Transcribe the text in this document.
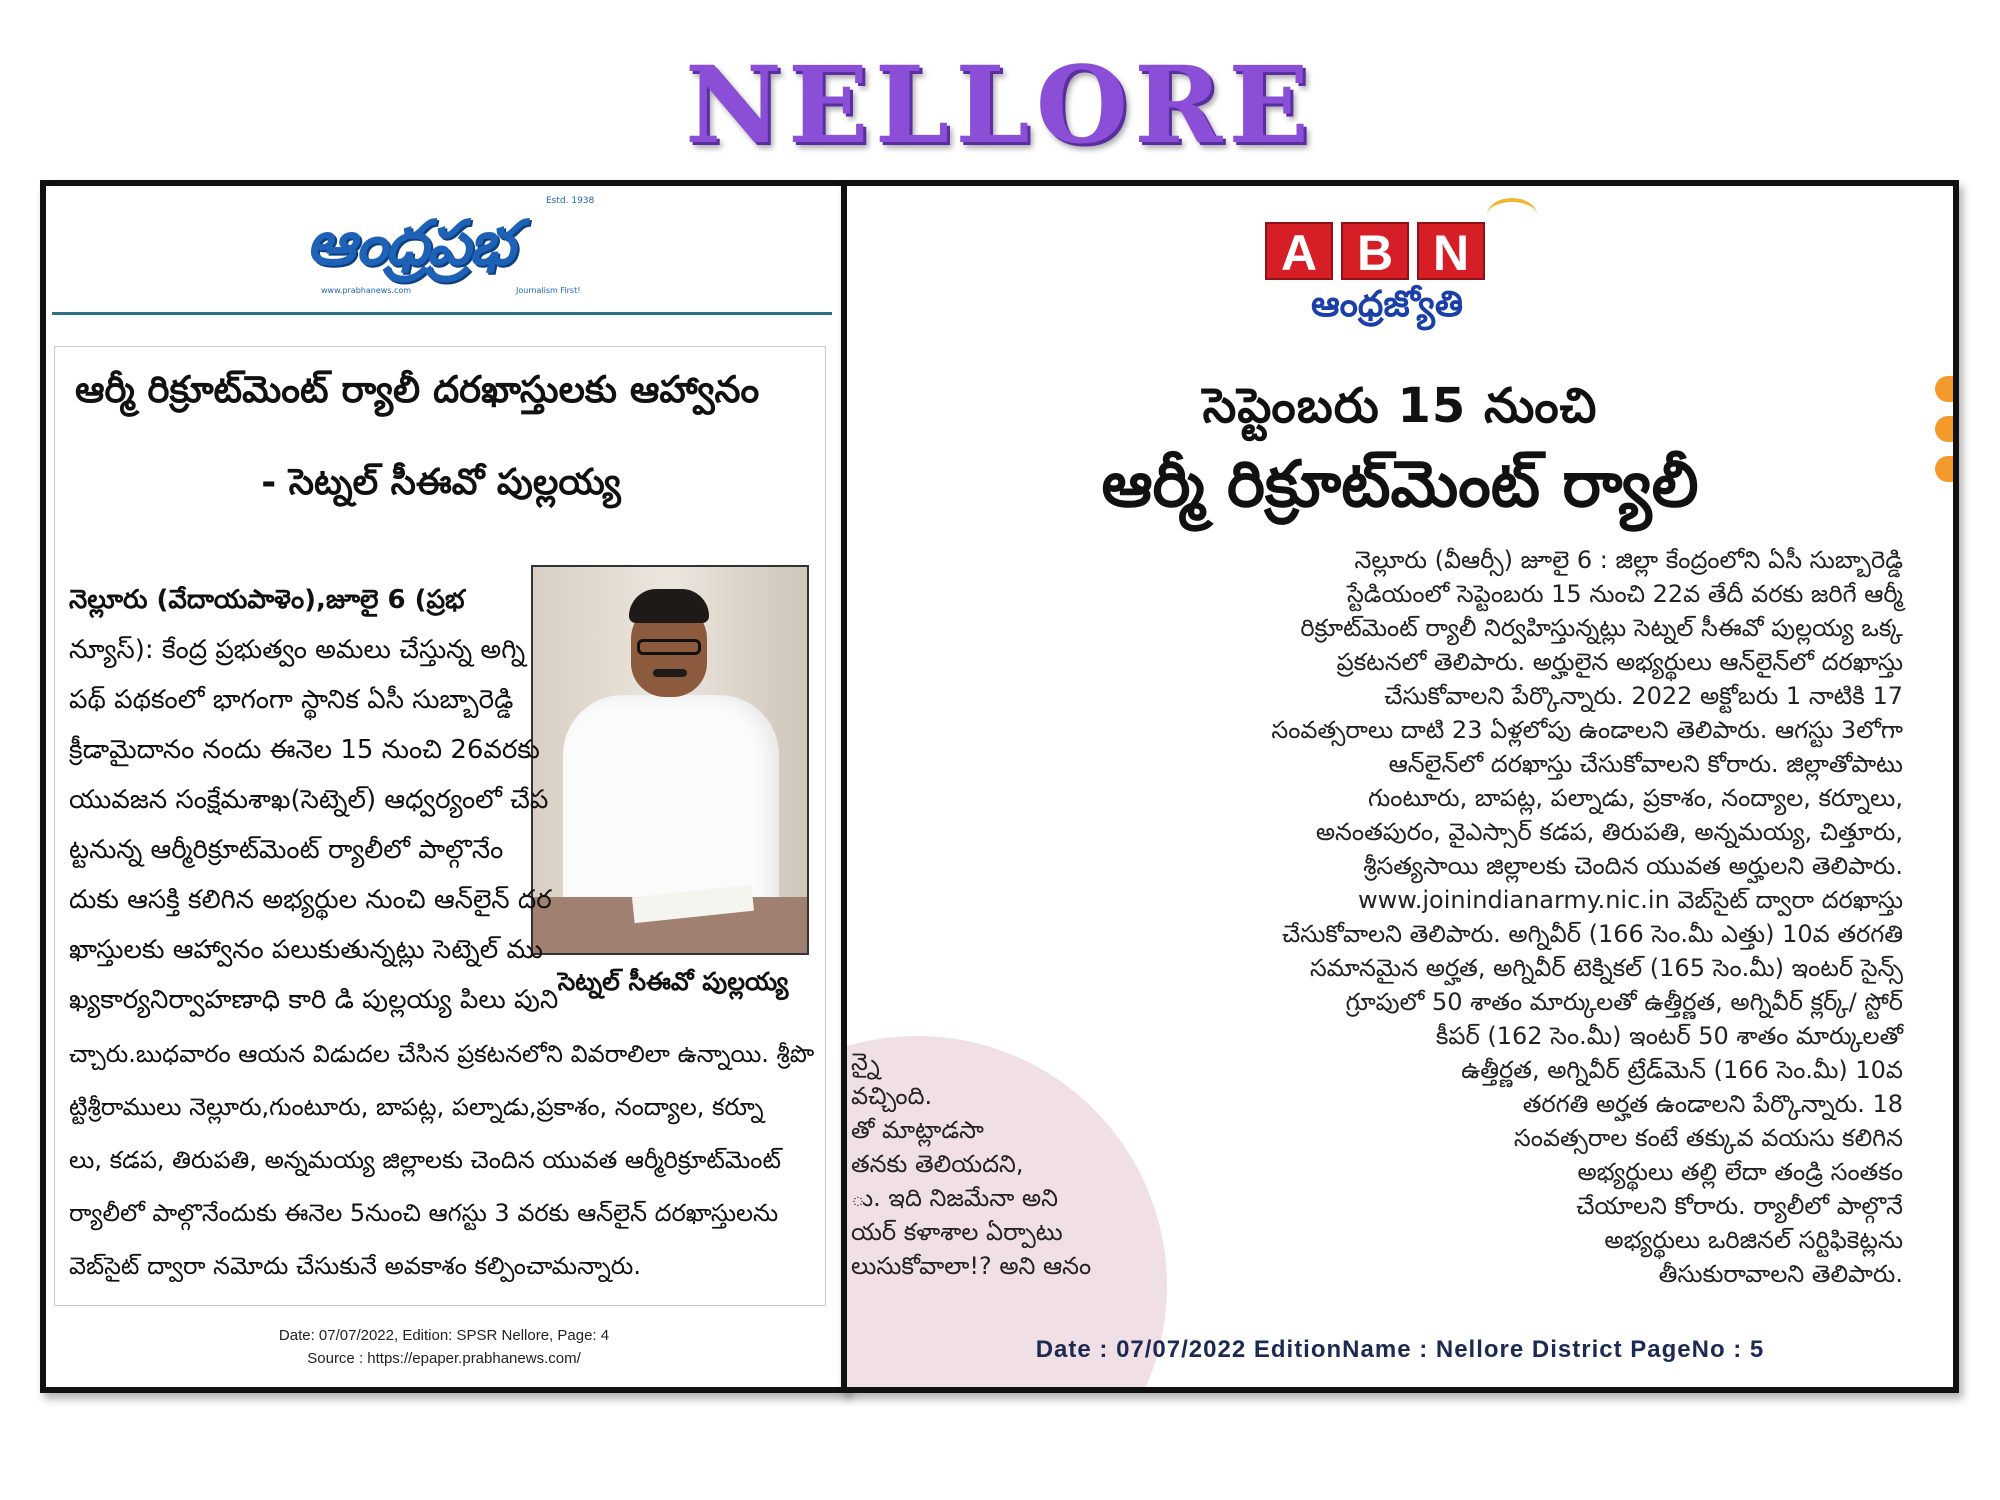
NELLORE
ఆంధ్రప్రభ
Estd. 1938
www.prabhanews.com	Journalism First!
ఆర్మీ రిక్రూట్‌మెంట్ ర్యాలీ దరఖాస్తులకు ఆహ్వానం
- సెట్నల్ సీఈవో పుల్లయ్య
సెట్నల్ సీఈవో పుల్లయ్య
నెల్లూరు (వేదాయపాళెం),జూలై 6 (ప్రభ
న్యూస్): కేంద్ర ప్రభుత్వం అమలు చేస్తున్న అగ్ని
పథ్ పథకంలో భాగంగా స్థానిక ఏసీ సుబ్బారెడ్డి
క్రీడామైదానం నందు ఈనెల 15 నుంచి 26వరకు
యువజన సంక్షేమశాఖ(సెట్నెల్) ఆధ్వర్యంలో చేప
ట్టనున్న ఆర్మీరిక్రూట్‌మెంట్ ర్యాలీలో పాల్గొనేం
దుకు ఆసక్తి కలిగిన అభ్యర్థుల నుంచి ఆన్‌లైన్ దర
ఖాస్తులకు ఆహ్వానం పలుకుతున్నట్లు సెట్నెల్ ము
ఖ్యకార్యనిర్వాహణాధి కారి డి పుల్లయ్య పిలు పుని
చ్చారు.బుధవారం ఆయన విడుదల చేసిన ప్రకటనలోని వివరాలిలా ఉన్నాయి. శ్రీపొ
ట్టిశ్రీరాములు నెల్లూరు,గుంటూరు, బాపట్ల, పల్నాడు,ప్రకాశం, నంద్యాల, కర్నూ
లు, కడప, తిరుపతి, అన్నమయ్య జిల్లాలకు చెందిన యువత ఆర్మీరిక్రూట్‌మెంట్
ర్యాలీలో పాల్గొనేందుకు ఈనెల 5నుంచి ఆగస్టు 3 వరకు ఆన్‌లైన్ దరఖాస్తులను
వెబ్‌సైట్ ద్వారా నమోదు చేసుకునే అవకాశం కల్పించామన్నారు.
Date: 07/07/2022, Edition: SPSR Nellore, Page: 4
Source : https://epaper.prabhanews.com/
A B N
ఆంధ్రజ్యోతి
సెప్టెంబరు 15 నుంచి
ఆర్మీ రిక్రూట్‌మెంట్ ర్యాలీ
నెల్లూరు (వీఆర్సీ) జూలై 6 : జిల్లా కేంద్రంలోని ఏసీ సుబ్బారెడ్డి
స్టేడియంలో సెప్టెంబరు 15 నుంచి 22వ తేదీ వరకు జరిగే ఆర్మీ
రిక్రూట్‌మెంట్ ర్యాలీ నిర్వహిస్తున్నట్లు సెట్నల్ సీఈవో పుల్లయ్య ఒక్క
ప్రకటనలో తెలిపారు. అర్హులైన అభ్యర్థులు ఆన్‌లైన్‌లో దరఖాస్తు
చేసుకోవాలని పేర్కొన్నారు. 2022 అక్టోబరు 1 నాటికి 17
సంవత్సరాలు దాటి 23 ఏళ్లలోపు ఉండాలని తెలిపారు. ఆగస్టు 3లోగా
ఆన్‌లైన్‌లో దరఖాస్తు చేసుకోవాలని కోరారు. జిల్లాతోపాటు
గుంటూరు, బాపట్ల, పల్నాడు, ప్రకాశం, నంద్యాల, కర్నూలు,
అనంతపురం, వైఎస్సార్ కడప, తిరుపతి, అన్నమయ్య, చిత్తూరు,
శ్రీసత్యసాయి జిల్లాలకు చెందిన యువత అర్హులని తెలిపారు.
www.joinindianarmy.nic.in వెబ్‌సైట్ ద్వారా దరఖాస్తు
చేసుకోవాలని తెలిపారు. అగ్నివీర్ (166 సెం.మీ ఎత్తు) 10వ తరగతి
సమానమైన అర్హత, అగ్నివీర్ టెక్నికల్ (165 సెం.మీ) ఇంటర్ సైన్స్
గ్రూపులో 50 శాతం మార్కులతో ఉత్తీర్ణత, అగ్నివీర్ క్లర్క్/ స్టోర్
కీపర్ (162 సెం.మీ) ఇంటర్ 50 శాతం మార్కులతో
ఉత్తీర్ణత, అగ్నివీర్ ట్రేడ్‌మెన్ (166 సెం.మీ) 10వ
తరగతి అర్హత ఉండాలని పేర్కొన్నారు. 18
సంవత్సరాల కంటే తక్కువ వయసు కలిగిన
అభ్యర్థులు తల్లి లేదా తండ్రి సంతకం
చేయాలని కోరారు. ర్యాలీలో పాల్గొనే
అభ్యర్థులు ఒరిజినల్ సర్టిఫికెట్లను
తీసుకురావాలని తెలిపారు.
న్నై
వచ్చింది.
తో మాట్లాడసా
తనకు తెలియదని,
ు. ఇది నిజమేనా అని
యర్ కళాశాల ఏర్పాటు
లుసుకోవాలా!? అని ఆనం
Date : 07/07/2022 EditionName : Nellore District PageNo : 5
